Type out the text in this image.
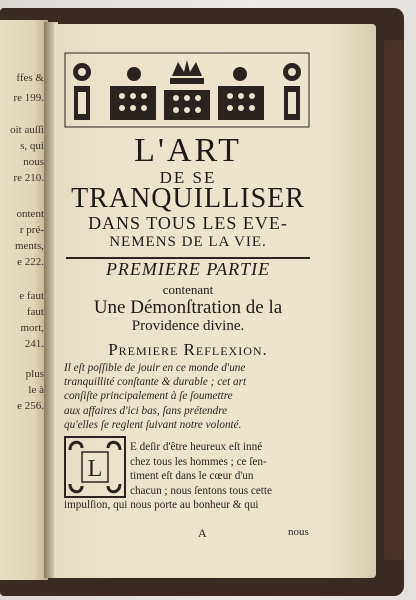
ffes &
re 199.
oit auſſi
s, qui
nous
re 210.
ontent
r pré-
ments,
e 222.
e faut
faut
mort,
241.
plus
le à
e 256.
L'ART
DE SE
TRANQUILLISER
DANS TOUS LES EVE-
NEMENS DE LA VIE.
PREMIERE PARTIE
contenant
Une Démonſtration de la
Providence divine.
Premiere Reflexion.
Il eſt poſſible de jouir en ce monde d'une
tranquillité conſtante & durable ; cet art
conſiſte principalement à ſe ſoumettre
aux affaires d'ici bas, ſans prétendre
qu'elles ſe reglent ſuivant notre volonté.
L
E deſir d'être heureux eſt inné
chez tous les hommes ; ce ſen-
timent eſt dans le cœur d'un
chacun ; nous ſentons tous cette
impulſion, qui nous porte au bonheur & qui
A	nous
